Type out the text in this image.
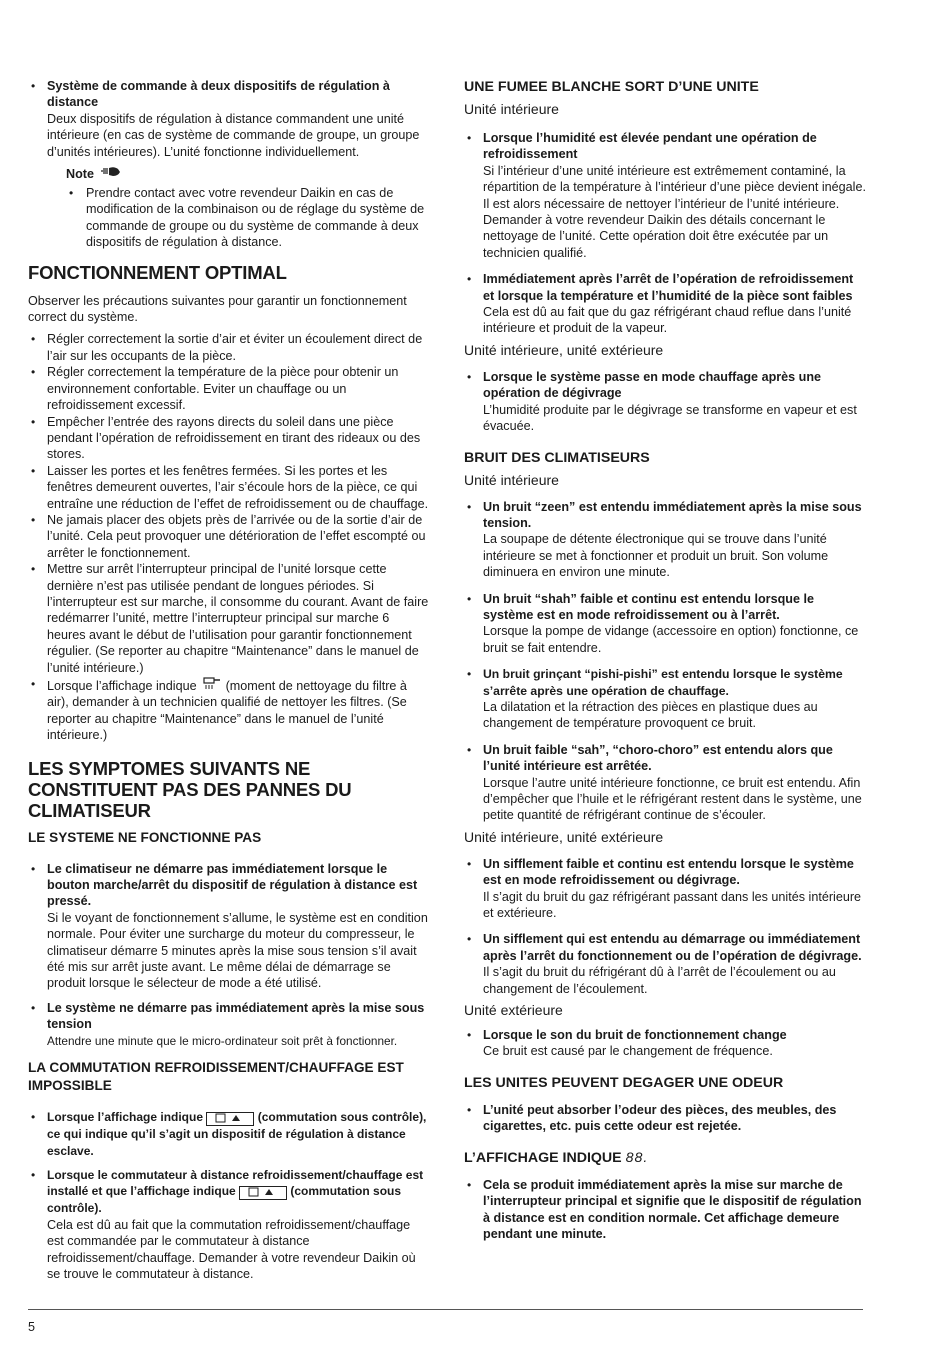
• Système de commande à deux dispositifs de régulation à distance

Deux dispositifs de régulation à distance commandent une unité intérieure (en cas de système de commande de groupe, un groupe d’unités intérieures). L’unité fonctionne individuellement.

Note

• Prendre contact avec votre revendeur Daikin en cas de modification de la combinaison ou de réglage du système de commande de groupe ou du système de commande à deux dispositifs de régulation à distance.

FONCTIONNEMENT OPTIMAL

Observer les précautions suivantes pour garantir un fonctionnement correct du système.

• Régler correctement la sortie d’air et éviter un écoulement direct de l’air sur les occupants de la pièce.

• Régler correctement la température de la pièce pour obtenir un environnement confortable. Eviter un chauffage ou un refroidissement excessif.

• Empêcher l’entrée des rayons directs du soleil dans une pièce pendant l’opération de refroidissement en tirant des rideaux ou des stores.

• Laisser les portes et les fenêtres fermées. Si les portes et les fenêtres demeurent ouvertes, l’air s’écoule hors de la pièce, ce qui entraîne une réduction de l’effet de refroidissement ou de chauffage.

• Ne jamais placer des objets près de l’arrivée ou de la sortie d’air de l’unité. Cela peut provoquer une détérioration de l’effet escompté ou arrêter le fonctionnement.

• Mettre sur arrêt l’interrupteur principal de l’unité lorsque cette dernière n’est pas utilisée pendant de longues périodes. Si l’interrupteur est sur marche, il consomme du courant. Avant de faire redémarrer l’unité, mettre l’interrupteur principal sur marche 6 heures avant le début de l’utilisation pour garantir fonctionnement régulier. (Se reporter au chapitre “Maintenance” dans le manuel de l’unité intérieure.)

• Lorsque l’affichage indique (moment de nettoyage du filtre à air), demander à un technicien qualifié de nettoyer les filtres. (Se reporter au chapitre “Maintenance” dans le manuel de l’unité intérieure.)

LES SYMPTOMES SUIVANTS NE CONSTITUENT PAS DES PANNES DU CLIMATISEUR
LE SYSTEME NE FONCTIONNE PAS

• Le climatiseur ne démarre pas immédiatement lorsque le bouton marche/arrêt du dispositif de régulation à distance est pressé.

Si le voyant de fonctionnement s’allume, le système est en condition normale. Pour éviter une surcharge du moteur du compresseur, le climatiseur démarre 5 minutes après la mise sous tension s’il avait été mis sur arrêt juste avant. Le même délai de démarrage se produit lorsque le sélecteur de mode a été utilisé.

• Le système ne démarre pas immédiatement après la mise sous tension

Attendre une minute que le micro-ordinateur soit prêt à fonctionner.

LA COMMUTATION REFROIDISSEMENT/CHAUFFAGE EST IMPOSSIBLE

• Lorsque l’affichage indique	(commutation sous contrôle), ce qui indique qu’il s’agit un dispositif de régulation à distance esclave.

• Lorsque le commutateur à distance refroidissement/chauffage est installé et que l’affichage indique	(commutation sous contrôle).

Cela est dû au fait que la commutation refroidissement/chauffage est commandée par le commutateur à distance refroidissement/chauffage. Demander à votre revendeur Daikin où se trouve le commutateur à distance.

UNE FUMEE BLANCHE SORT D’UNE UNITE
Unité intérieure

• Lorsque l’humidité est élevée pendant une opération de refroidissement

Si l’intérieur d’une unité intérieure est extrêmement contaminé, la répartition de la température à l’intérieur d’une pièce devient inégale. Il est alors nécessaire de nettoyer l’intérieur de l’unité intérieure. Demander à votre revendeur Daikin des détails concernant le nettoyage de l’unité. Cette opération doit être exécutée par un technicien qualifié.

• Immédiatement après l’arrêt de l’opération de refroidissement et lorsque la température et l’humidité de la pièce sont faibles

Cela est dû au fait que du gaz réfrigérant chaud reflue dans l’unité intérieure et produit de la vapeur.

Unité intérieure, unité extérieure

• Lorsque le système passe en mode chauffage après une opération de dégivrage

L’humidité produite par le dégivrage se transforme en vapeur et est évacuée.

BRUIT DES CLIMATISEURS
Unité intérieure

• Un bruit “zeen” est entendu immédiatement après la mise sous tension.

La soupape de détente électronique qui se trouve dans l’unité intérieure se met à fonctionner et produit un bruit. Son volume diminuera en environ une minute.

• Un bruit “shah” faible et continu est entendu lorsque le système est en mode refroidissement ou à l’arrêt.

Lorsque la pompe de vidange (accessoire en option) fonctionne, ce bruit se fait entendre.

• Un bruit grinçant “pishi-pishi” est entendu lorsque le système s’arrête après une opération de chauffage.

La dilatation et la rétraction des pièces en plastique dues au changement de température provoquent ce bruit.

• Un bruit faible “sah”, “choro-choro” est entendu alors que l’unité intérieure est arrêtée.

Lorsque l’autre unité intérieure fonctionne, ce bruit est entendu. Afin d’empêcher que l’huile et le réfrigérant restent dans le système, une petite quantité de réfrigérant continue de s’écouler.

Unité intérieure, unité extérieure

• Un sifflement faible et continu est entendu lorsque le système est en mode refroidissement ou dégivrage.

Il s’agit du bruit du gaz réfrigérant passant dans les unités intérieure et extérieure.

• Un sifflement qui est entendu au démarrage ou immédiatement après l’arrêt du fonctionnement ou de l’opération de dégivrage.

Il s’agit du bruit du réfrigérant dû à l’arrêt de l’écoulement ou au changement de l’écoulement.

Unité extérieure

• Lorsque le son du bruit de fonctionnement change

Ce bruit est causé par le changement de fréquence.

LES UNITES PEUVENT DEGAGER UNE ODEUR

• L’unité peut absorber l’odeur des pièces, des meubles, des cigarettes, etc. puis cette odeur est rejetée.

L’AFFICHAGE INDIQUE 88.

• Cela se produit immédiatement après la mise sur marche de l’interrupteur principal et signifie que le dispositif de régulation à distance est en condition normale. Cet affichage demeure pendant une minute.

5
